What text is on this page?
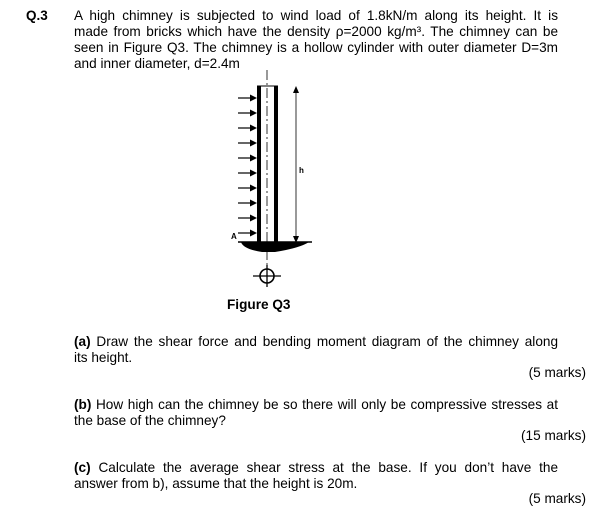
Q.3 A high chimney is subjected to wind load of 1.8kN/m along its height. It is
made from bricks which have the density ρ=2000 kg/m³. The chimney can be
seen in Figure Q3. The chimney is a hollow cylinder with outer diameter D=3m
and inner diameter, d=2.4m
h
A
Figure Q3
(a) Draw the shear force and bending moment diagram of the chimney along
its height.
(5 marks)
(b) How high can the chimney be so there will only be compressive stresses at
the base of the chimney?
(15 marks)
(c) Calculate the average shear stress at the base. If you don’t have the
answer from b), assume that the height is 20m.
(5 marks)
